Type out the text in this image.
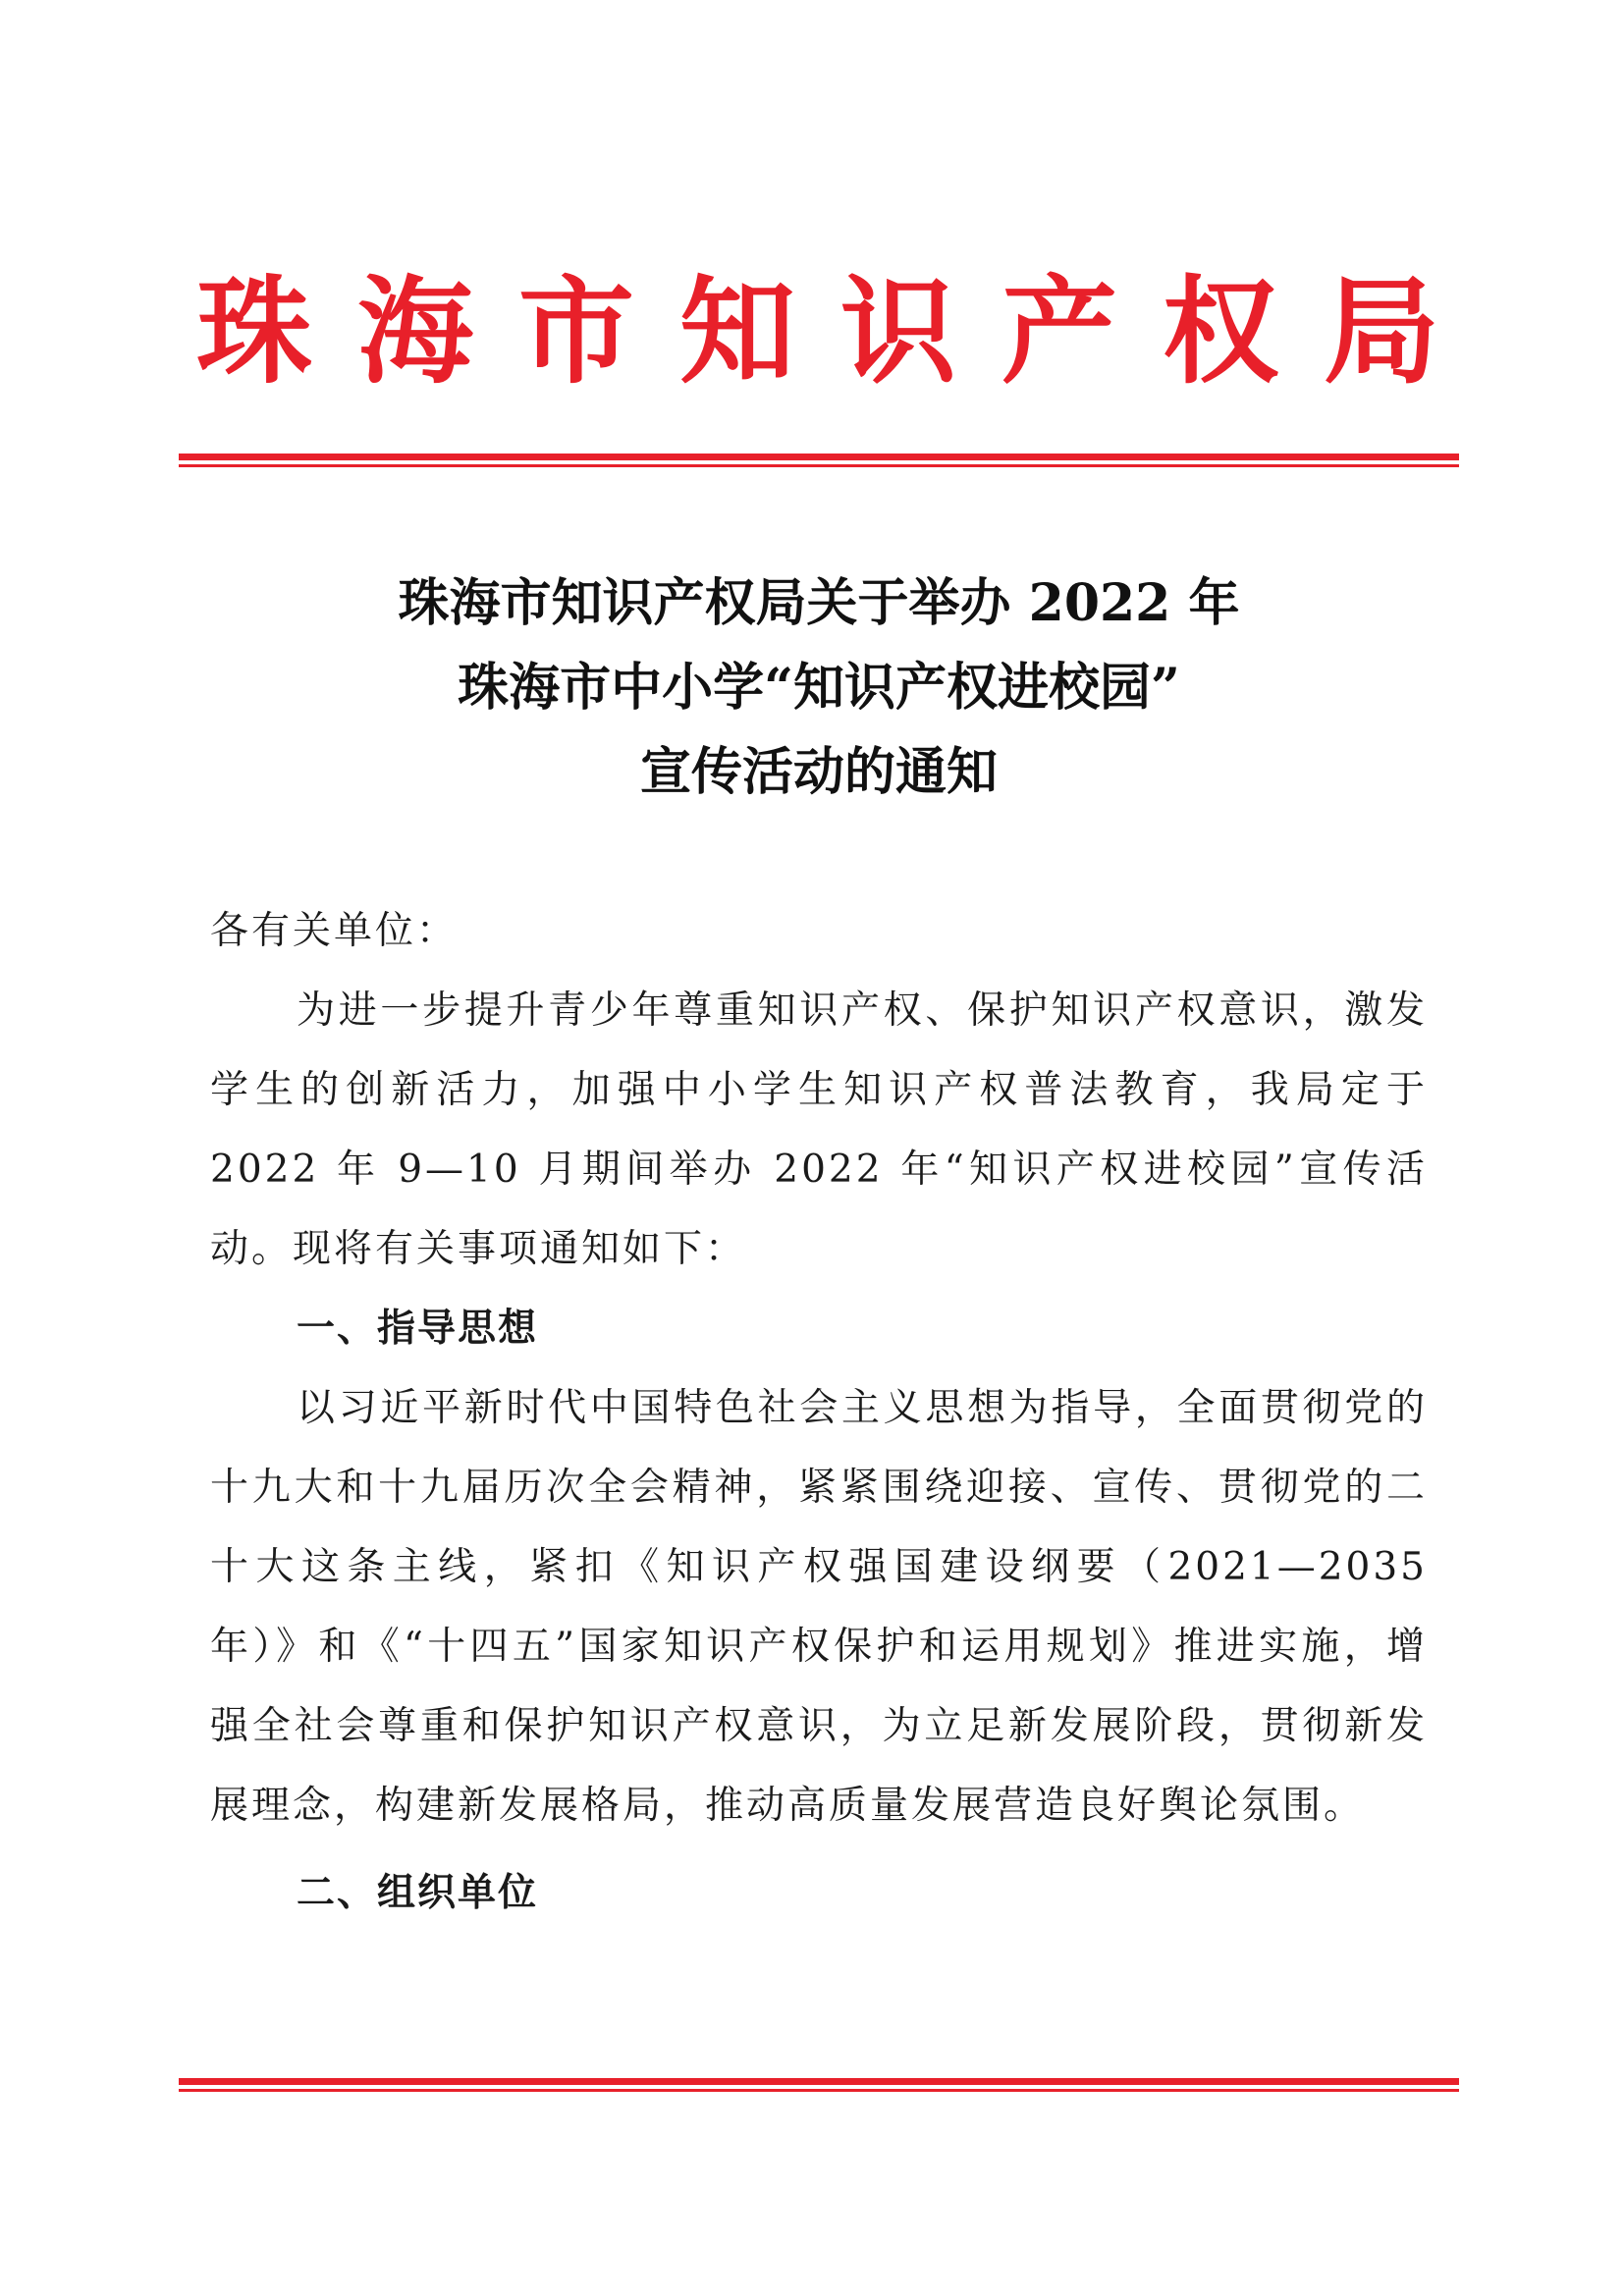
珠海市知识产权局
珠海市知识产权局关于举办 2022 年
珠海市中小学“知识产权进校园”
宣传活动的通知

各有关单位：

为进一步提升青少年尊重知识产权、保护知识产权意识，激发学生的创新活力，加强中小学生知识产权普法教育，我局定于 2022 年 9—10 月期间举办 2022 年“知识产权进校园”宣传活动。现将有关事项通知如下：

一、指导思想

以习近平新时代中国特色社会主义思想为指导，全面贯彻党的十九大和十九届历次全会精神，紧紧围绕迎接、宣传、贯彻党的二十大这条主线，紧扣《知识产权强国建设纲要（2021—2035 年）》和《“十四五”国家知识产权保护和运用规划》推进实施，增强全社会尊重和保护知识产权意识，为立足新发展阶段，贯彻新发展理念，构建新发展格局，推动高质量发展营造良好舆论氛围。

二、组织单位
